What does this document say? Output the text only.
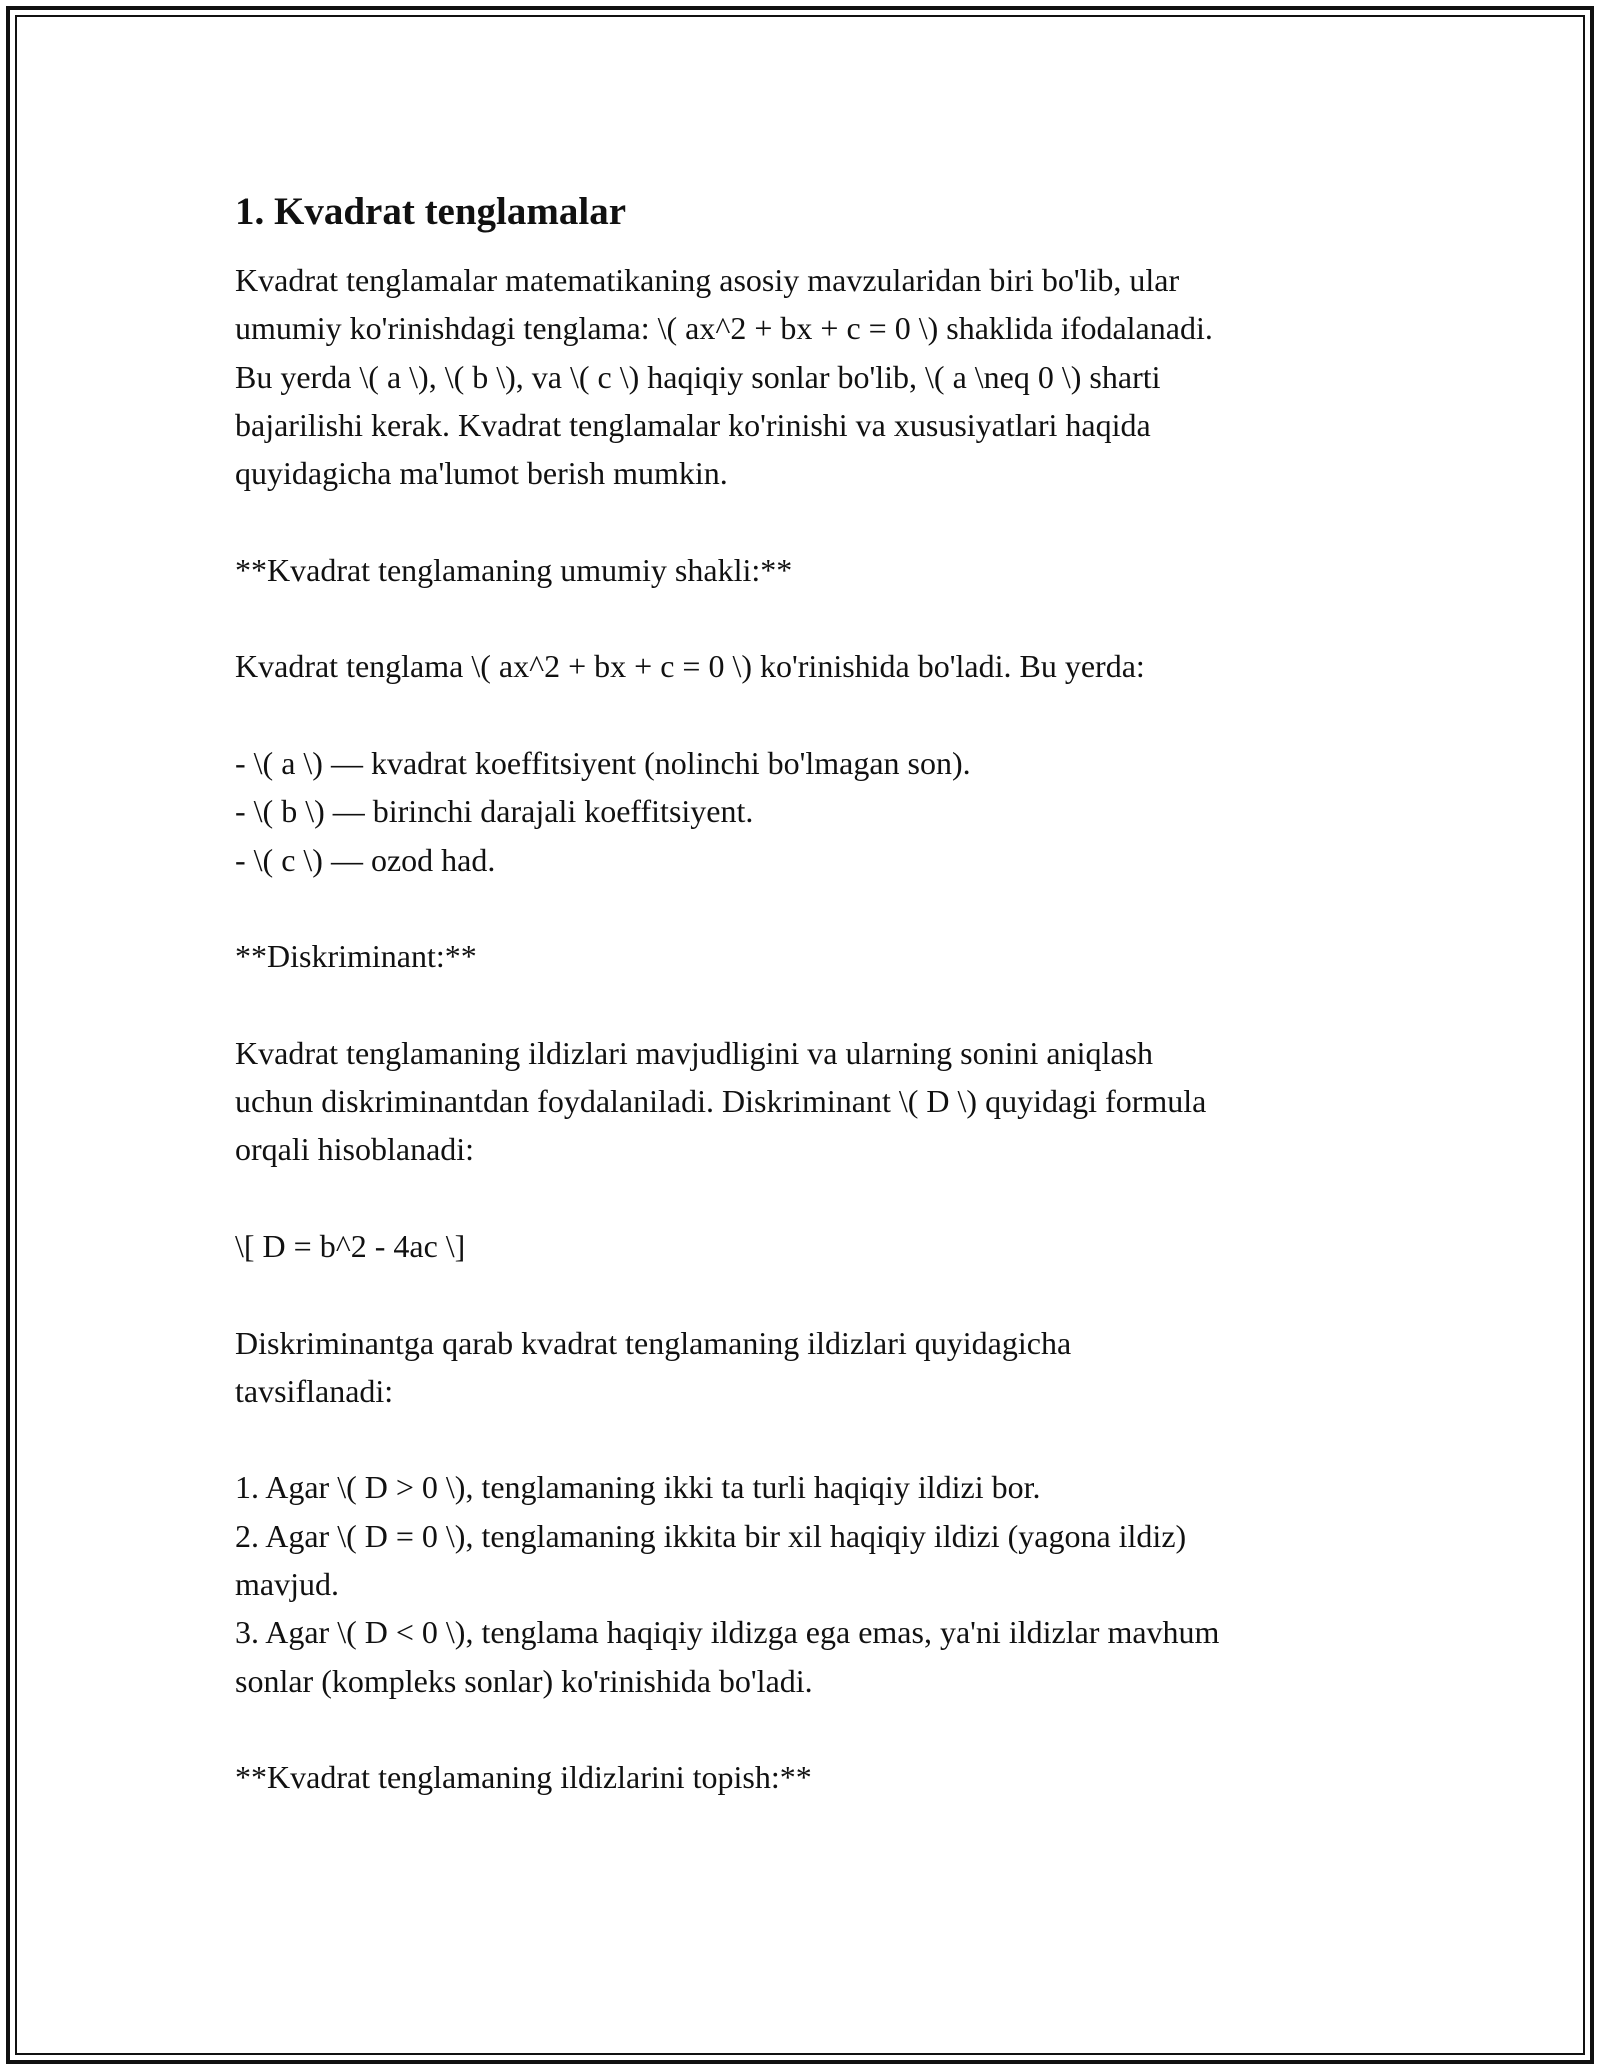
1. Kvadrat tenglamalar
Kvadrat tenglamalar matematikaning asosiy mavzularidan biri bo'lib, ular
umumiy ko'rinishdagi tenglama: \( ax^2 + bx + c = 0 \) shaklida ifodalanadi.
Bu yerda \( a \), \( b \), va \( c \) haqiqiy sonlar bo'lib, \( a \neq 0 \) sharti
bajarilishi kerak. Kvadrat tenglamalar ko'rinishi va xususiyatlari haqida
quyidagicha ma'lumot berish mumkin.
**Kvadrat tenglamaning umumiy shakli:**
Kvadrat tenglama \( ax^2 + bx + c = 0 \) ko'rinishida bo'ladi. Bu yerda:
- \( a \) — kvadrat koeffitsiyent (nolinchi bo'lmagan son).
- \( b \) — birinchi darajali koeffitsiyent.
- \( c \) — ozod had.
**Diskriminant:**
Kvadrat tenglamaning ildizlari mavjudligini va ularning sonini aniqlash
uchun diskriminantdan foydalaniladi. Diskriminant \( D \) quyidagi formula
orqali hisoblanadi:
\[ D = b^2 - 4ac \]
Diskriminantga qarab kvadrat tenglamaning ildizlari quyidagicha
tavsiflanadi:
1. Agar \( D > 0 \), tenglamaning ikki ta turli haqiqiy ildizi bor.
2. Agar \( D = 0 \), tenglamaning ikkita bir xil haqiqiy ildizi (yagona ildiz)
mavjud.
3. Agar \( D < 0 \), tenglama haqiqiy ildizga ega emas, ya'ni ildizlar mavhum
sonlar (kompleks sonlar) ko'rinishida bo'ladi.
**Kvadrat tenglamaning ildizlarini topish:**
